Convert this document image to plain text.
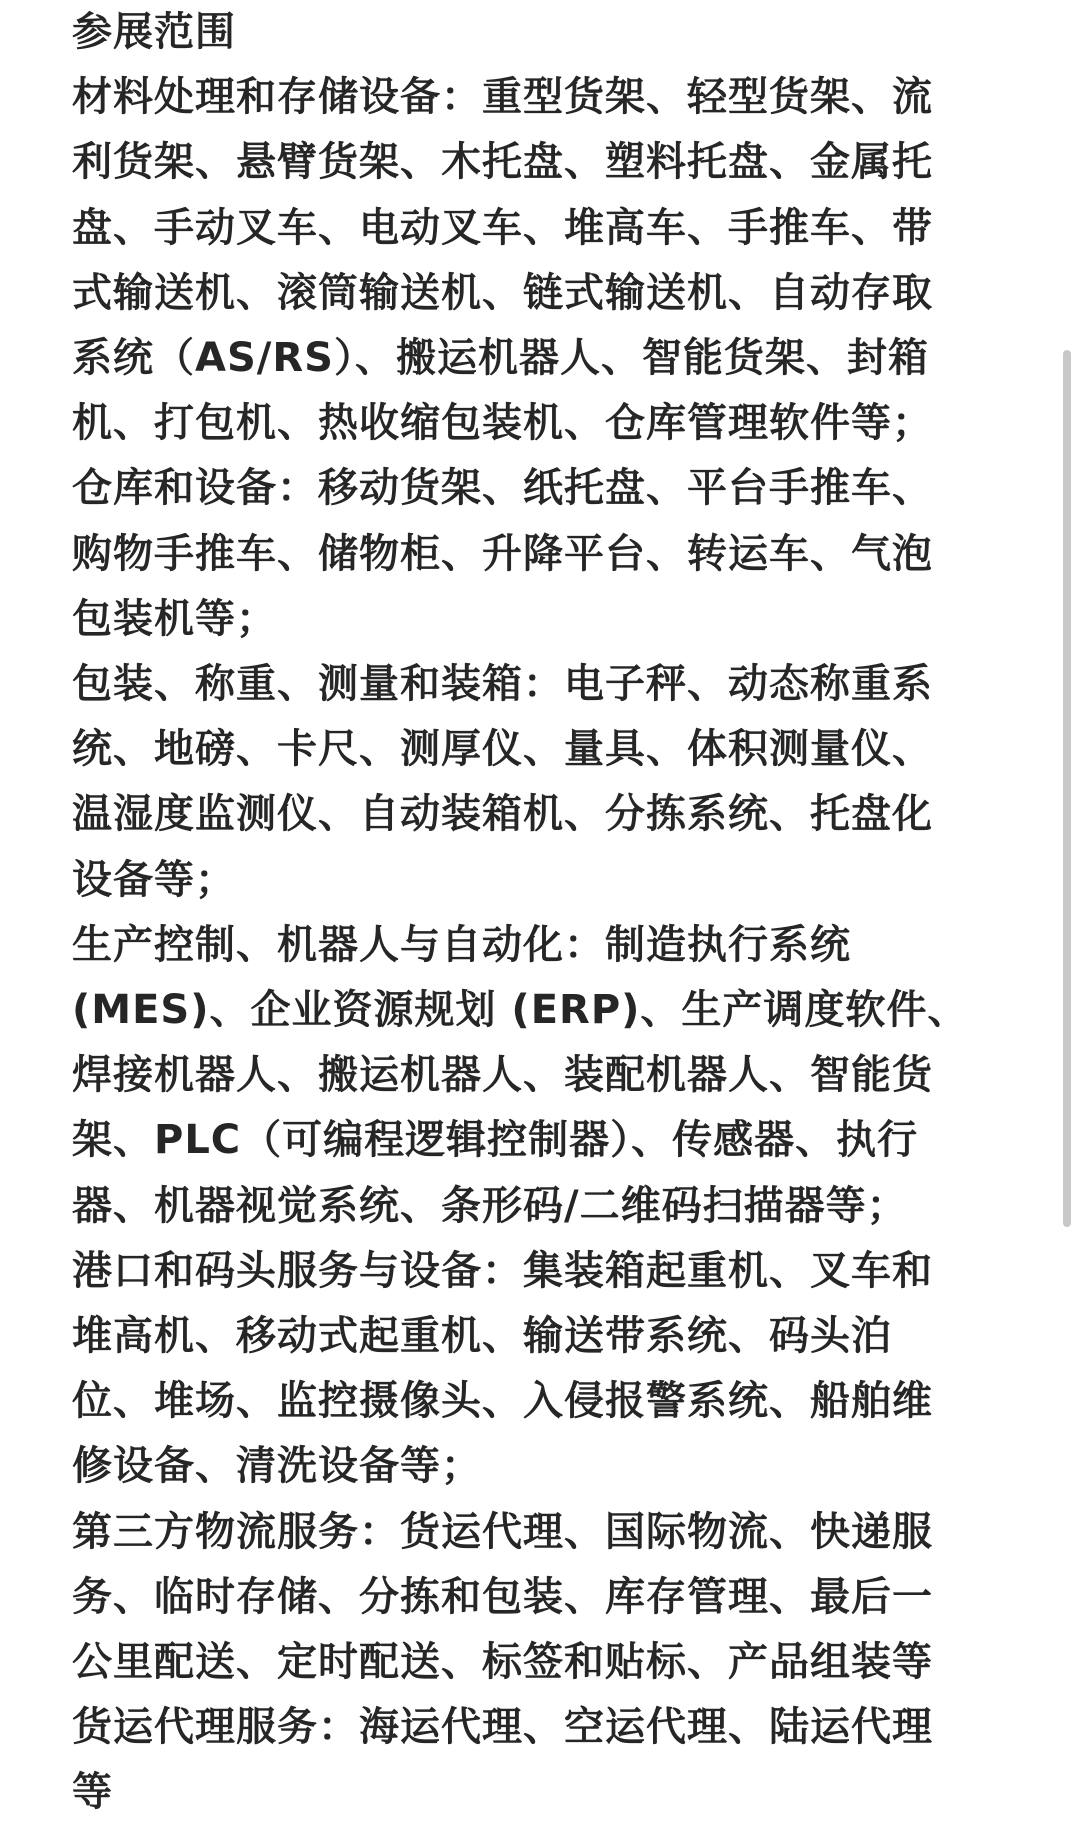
参展范围

材料处理和存储设备：重型货架、轻型货架、流
利货架、悬臂货架、木托盘、塑料托盘、金属托
盘、手动叉车、电动叉车、堆高车、手推车、带
式输送机、滚筒输送机、链式输送机、自动存取
系统（AS/RS）、搬运机器人、智能货架、封箱
机、打包机、热收缩包装机、仓库管理软件等；

仓库和设备：移动货架、纸托盘、平台手推车、
购物手推车、储物柜、升降平台、转运车、气泡
包装机等；

包装、称重、测量和装箱：电子秤、动态称重系
统、地磅、卡尺、测厚仪、量具、体积测量仪、
温湿度监测仪、自动装箱机、分拣系统、托盘化
设备等；

生产控制、机器人与自动化：制造执行系统
(MES)、企业资源规划 (ERP)、生产调度软件、
焊接机器人、搬运机器人、装配机器人、智能货
架、PLC（可编程逻辑控制器）、传感器、执行
器、机器视觉系统、条形码/二维码扫描器等；

港口和码头服务与设备：集装箱起重机、叉车和
堆高机、移动式起重机、输送带系统、码头泊
位、堆场、监控摄像头、入侵报警系统、船舶维
修设备、清洗设备等；

第三方物流服务：货运代理、国际物流、快递服
务、临时存储、分拣和包装、库存管理、最后一
公里配送、定时配送、标签和贴标、产品组装等

货运代理服务：海运代理、空运代理、陆运代理
等
